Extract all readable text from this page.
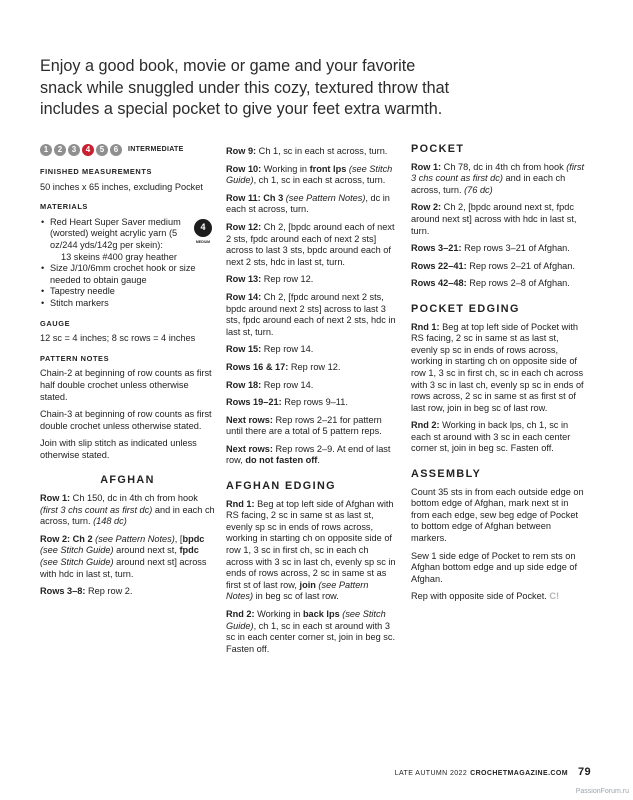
Enjoy a good book, movie or game and your favorite snack while snuggled under this cozy, textured throw that includes a special pocket to give your feet extra warmth.
1	2	3	4	5	6	INTERMEDIATE
FINISHED MEASUREMENTS
50 inches x 65 inches, excluding Pocket
MATERIALS
4
MEDIUM
• Red Heart Super Saver medium (worsted) weight acrylic yarn (5 oz/244 yds/142g per skein):
13 skeins #400 gray heather
• Size J/10/6mm crochet hook or size needed to obtain gauge
• Tapestry needle
• Stitch markers
GAUGE
12 sc = 4 inches; 8 sc rows = 4 inches
PATTERN NOTES
Chain-2 at beginning of row counts as first half double crochet unless otherwise stated.
Chain-3 at beginning of row counts as first double crochet unless otherwise stated.
Join with slip stitch as indicated unless otherwise stated.
AFGHAN
Row 1: Ch 150, dc in 4th ch from hook (first 3 chs count as first dc) and in each ch across, turn. (148 dc)
Row 2: Ch 2 (see Pattern Notes), [bpdc (see Stitch Guide) around next st, fpdc (see Stitch Guide) around next st] across with hdc in last st, turn.
Rows 3–8: Rep row 2.
Row 9: Ch 1, sc in each st across, turn.
Row 10: Working in front lps (see Stitch Guide), ch 1, sc in each st across, turn.
Row 11: Ch 3 (see Pattern Notes), dc in each st across, turn.
Row 12: Ch 2, [bpdc around each of next 2 sts, fpdc around each of next 2 sts] across to last 3 sts, bpdc around each of next 2 sts, hdc in last st, turn.
Row 13: Rep row 12.
Row 14: Ch 2, [fpdc around next 2 sts, bpdc around next 2 sts] across to last 3 sts, fpdc around each of next 2 sts, hdc in last st, turn.
Row 15: Rep row 14.
Rows 16 & 17: Rep row 12.
Row 18: Rep row 14.
Rows 19–21: Rep rows 9–11.
Next rows: Rep rows 2–21 for pattern until there are a total of 5 pattern reps.
Next rows: Rep rows 2–9. At end of last row, do not fasten off.
AFGHAN EDGING
Rnd 1: Beg at top left side of Afghan with RS facing, 2 sc in same st as last st, evenly sp sc in ends of rows across, working in starting ch on opposite side of row 1, 3 sc in first ch, sc in each ch across with 3 sc in last ch, evenly sp sc in ends of rows across, 2 sc in same st as first st of last row, join (see Pattern Notes) in beg sc of last row.
Rnd 2: Working in back lps (see Stitch Guide), ch 1, sc in each st around with 3 sc in each center corner st, join in beg sc. Fasten off.
POCKET
Row 1: Ch 78, dc in 4th ch from hook (first 3 chs count as first dc) and in each ch across, turn. (76 dc)
Row 2: Ch 2, [bpdc around next st, fpdc around next st] across with hdc in last st, turn.
Rows 3–21: Rep rows 3–21 of Afghan.
Rows 22–41: Rep rows 2–21 of Afghan.
Rows 42–48: Rep rows 2–8 of Afghan.
POCKET EDGING
Rnd 1: Beg at top left side of Pocket with RS facing, 2 sc in same st as last st, evenly sp sc in ends of rows across, working in starting ch on opposite side of row 1, 3 sc in first ch, sc in each ch across with 3 sc in last ch, evenly sp sc in ends of rows across, 2 sc in same st as first st of last row, join in beg sc of last row.
Rnd 2: Working in back lps, ch 1, sc in each st around with 3 sc in each center corner st, join in beg sc. Fasten off.
ASSEMBLY
Count 35 sts in from each outside edge on bottom edge of Afghan, mark next st in from each edge, sew beg edge of Pocket to bottom edge of Afghan between markers.
Sew 1 side edge of Pocket to rem sts on Afghan bottom edge and up side edge of Afghan.
Rep with opposite side of Pocket. C!
LATE AUTUMN 2022 CROCHETMAGAZINE.COM 79
PassionForum.ru
